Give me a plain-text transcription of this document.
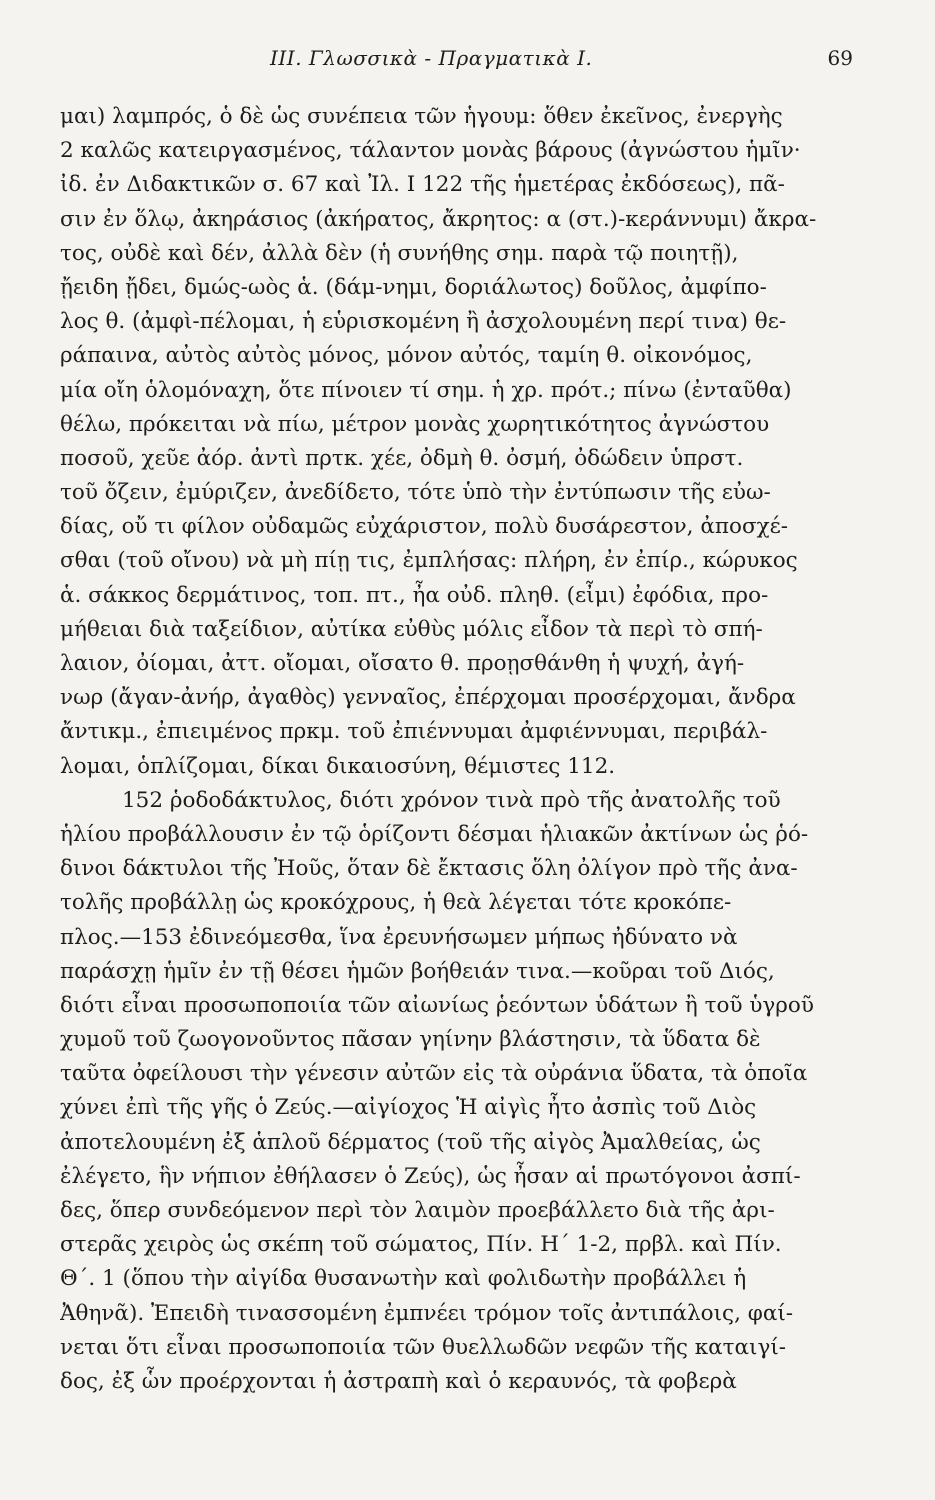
III. Γλωσσικὰ - Πραγματικὰ Ι.	69
μαι) λαμπρός, ὁ δὲ ὡς συνέπεια τῶν ἡγουμ: ὅθεν ἐκεῖνος, ἐνεργὴς
2 καλῶς κατειργασμένος, τάλαντον μονὰς βάρους (ἀγνώστου ἡμῖν·
ἰδ. ἐν Διδακτικῶν σ. 67 καὶ Ἰλ. Ι 122 τῆς ἡμετέρας ἐκδόσεως), πᾶ-
σιν ἐν ὅλῳ, ἀκηράσιος (ἀκήρατος, ἄκρητος: α (στ.)-κεράννυμι) ἄκρα-
τος, οὐδὲ καὶ δέν, ἀλλὰ δὲν (ἡ συνήθης σημ. παρὰ τῷ ποιητῇ),
ᾔειδη ᾔδει, δμώς-ωὸς ἁ. (δάμ-νημι, δοριάλωτος) δοῦλος, ἀμφίπο-
λος θ. (ἀμφὶ-πέλομαι, ἡ εὑρισκομένη ἢ ἀσχολουμένη περί τινα) θε-
ράπαινα, αὐτὸς αὐτὸς μόνος, μόνον αὐτός, ταμίη θ. οἰκονόμος,
μία οἴη ὁλομόναχη, ὅτε πίνοιεν τί σημ. ἡ χρ. πρότ.; πίνω (ἐνταῦθα)
θέλω, πρόκειται νὰ πίω, μέτρον μονὰς χωρητικότητος ἀγνώστου
ποσοῦ, χεῦε ἀόρ. ἀντὶ πρτκ. χέε, ὀδμὴ θ. ὀσμή, ὀδώδειν ὑπρστ.
τοῦ ὄζειν, ἐμύριζεν, ἀνεδίδετο, τότε ὑπὸ τὴν ἐντύπωσιν τῆς εὐω-
δίας, οὔ τι φίλον οὐδαμῶς εὐχάριστον, πολὺ δυσάρεστον, ἀποσχέ-
σθαι (τοῦ οἴνου) νὰ μὴ πίῃ τις, ἐμπλήσας: πλήρη, ἐν ἐπίρ., κώρυκος
ἁ. σάκκος δερμάτινος, τοπ. πτ., ἦα οὐδ. πληθ. (εἶμι) ἐφόδια, προ-
μήθειαι διὰ ταξείδιον, αὐτίκα εὐθὺς μόλις εἶδον τὰ περὶ τὸ σπή-
λαιον, ὀίομαι, ἀττ. οἴομαι, οἴσατο θ. προῃσθάνθη ἡ ψυχή, ἀγή-
νωρ (ἄγαν-ἀνήρ, ἀγαθὸς) γενναῖος, ἐπέρχομαι προσέρχομαι, ἄνδρα
ἄντικμ., ἐπιειμένος πρκμ. τοῦ ἐπιέννυμαι ἀμφιέννυμαι, περιβάλ-
λομαι, ὁπλίζομαι, δίκαι δικαιοσύνη, θέμιστες 112.
152 ῥοδοδάκτυλος, διότι χρόνον τινὰ πρὸ τῆς ἀνατολῆς τοῦ
ἡλίου προβάλλουσιν ἐν τῷ ὁρίζοντι δέσμαι ἡλιακῶν ἀκτίνων ὡς ῥό-
δινοι δάκτυλοι τῆς Ἠοῦς, ὅταν δὲ ἔκτασις ὅλη ὀλίγον πρὸ τῆς ἀνα-
τολῆς προβάλλῃ ὡς κροκόχρους, ἡ θεὰ λέγεται τότε κροκόπε-
πλος.—153 ἐδινεόμεσθα, ἵνα ἐρευνήσωμεν μήπως ἠδύνατο νὰ
παράσχῃ ἡμῖν ἐν τῇ θέσει ἡμῶν βοήθειάν τινα.—κοῦραι τοῦ Διός,
διότι εἶναι προσωποποιία τῶν αἰωνίως ῥεόντων ὑδάτων ἢ τοῦ ὑγροῦ
χυμοῦ τοῦ ζωογονοῦντος πᾶσαν γηίνην βλάστησιν, τὰ ὕδατα δὲ
ταῦτα ὀφείλουσι τὴν γένεσιν αὐτῶν εἰς τὰ οὐράνια ὕδατα, τὰ ὁποῖα
χύνει ἐπὶ τῆς γῆς ὁ Ζεύς.—αἰγίοχος Ἡ αἰγὶς ἦτο ἀσπὶς τοῦ Διὸς
ἀποτελουμένη ἐξ ἁπλοῦ δέρματος (τοῦ τῆς αἰγὸς Ἀμαλθείας, ὡς
ἐλέγετο, ἣν νήπιον ἐθήλασεν ὁ Ζεύς), ὡς ἦσαν αἱ πρωτόγονοι ἀσπί-
δες, ὅπερ συνδεόμενον περὶ τὸν λαιμὸν προεβάλλετο διὰ τῆς ἀρι-
στερᾶς χειρὸς ὡς σκέπη τοῦ σώματος, Πίν. Η΄ 1-2, πρβλ. καὶ Πίν.
Θ΄. 1 (ὅπου τὴν αἰγίδα θυσανωτὴν καὶ φολιδωτὴν προβάλλει ἡ
Ἀθηνᾶ). Ἐπειδὴ τινασσομένη ἐμπνέει τρόμον τοῖς ἀντιπάλοις, φαί-
νεται ὅτι εἶναι προσωποποιία τῶν θυελλωδῶν νεφῶν τῆς καταιγί-
δος, ἐξ ὧν προέρχονται ἡ ἀστραπὴ καὶ ὁ κεραυνός, τὰ φοβερὰ
